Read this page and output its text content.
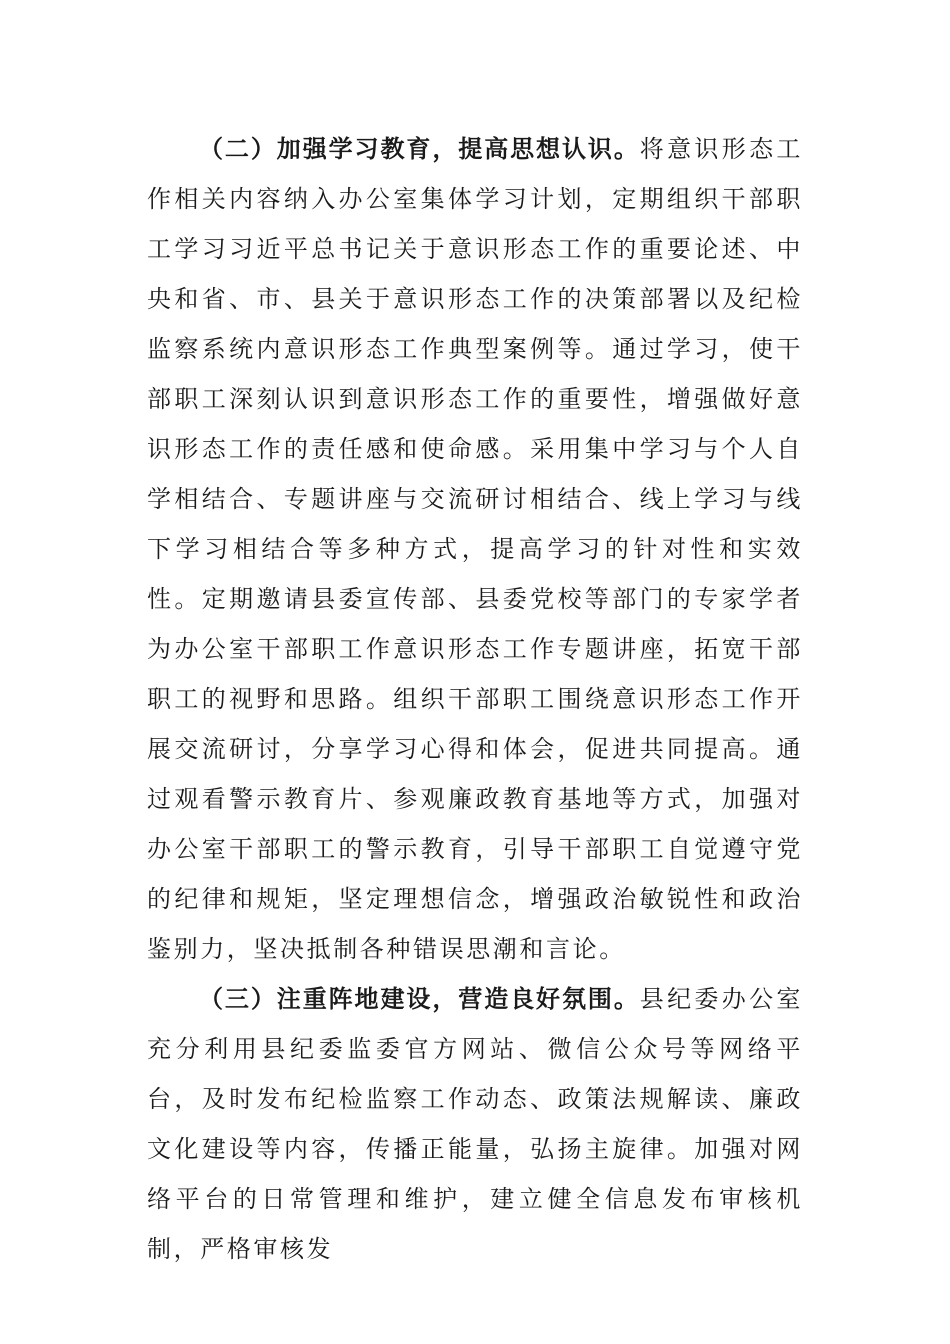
（二）加强学习教育，提高思想认识。将意识形态工作相关内容纳入办公室集体学习计划，定期组织干部职工学习习近平总书记关于意识形态工作的重要论述、中央和省、市、县关于意识形态工作的决策部署以及纪检监察系统内意识形态工作典型案例等。通过学习，使干部职工深刻认识到意识形态工作的重要性，增强做好意识形态工作的责任感和使命感。采用集中学习与个人自学相结合、专题讲座与交流研讨相结合、线上学习与线下学习相结合等多种方式，提高学习的针对性和实效性。定期邀请县委宣传部、县委党校等部门的专家学者为办公室干部职工作意识形态工作专题讲座，拓宽干部职工的视野和思路。组织干部职工围绕意识形态工作开展交流研讨，分享学习心得和体会，促进共同提高。通过观看警示教育片、参观廉政教育基地等方式，加强对办公室干部职工的警示教育，引导干部职工自觉遵守党的纪律和规矩，坚定理想信念，增强政治敏锐性和政治鉴别力，坚决抵制各种错误思潮和言论。

（三）注重阵地建设，营造良好氛围。县纪委办公室充分利用县纪委监委官方网站、微信公众号等网络平台，及时发布纪检监察工作动态、政策法规解读、廉政文化建设等内容，传播正能量，弘扬主旋律。加强对网络平台的日常管理和维护，建立健全信息发布审核机制，严格审核发
